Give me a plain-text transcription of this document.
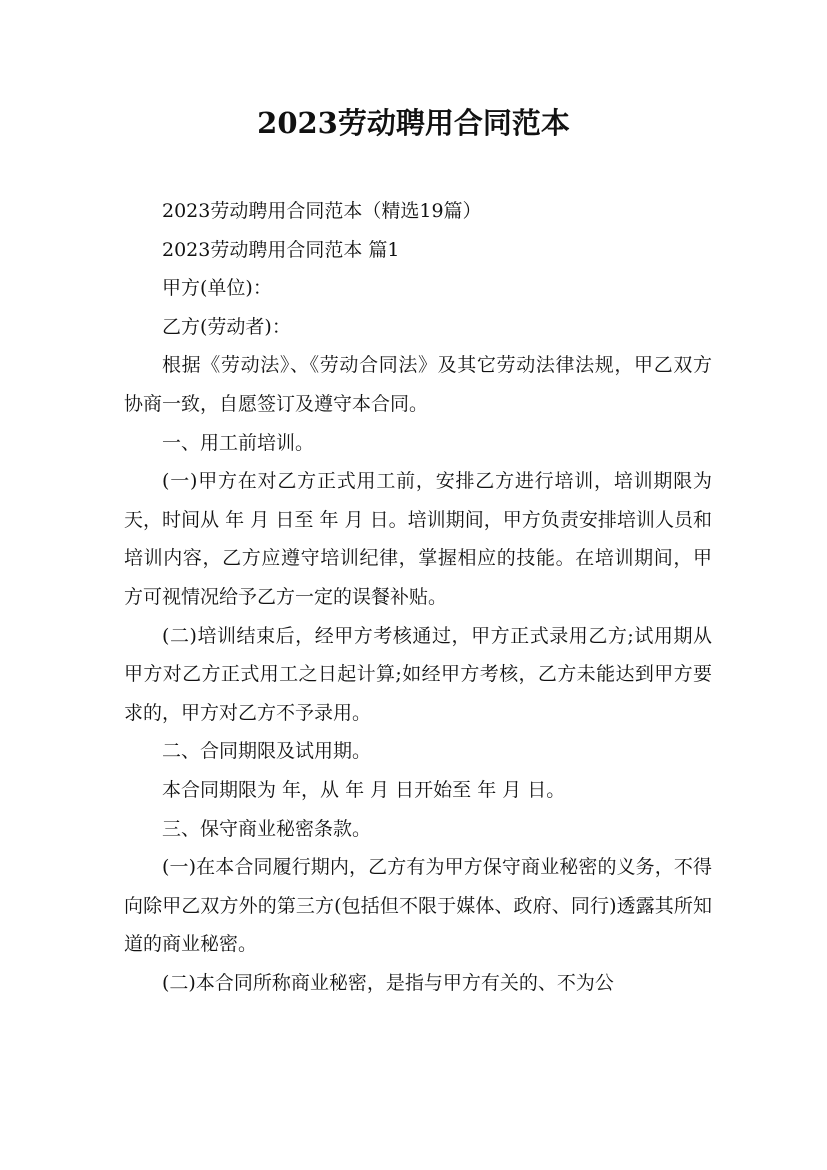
2023劳动聘用合同范本

2023劳动聘用合同范本（精选19篇）

2023劳动聘用合同范本 篇1

甲方(单位)：

乙方(劳动者)：

根据《劳动法》、《劳动合同法》及其它劳动法律法规，甲乙双方协商一致，自愿签订及遵守本合同。

一、用工前培训。

(一)甲方在对乙方正式用工前，安排乙方进行培训，培训期限为 天，时间从 年 月 日至 年 月 日。培训期间，甲方负责安排培训人员和培训内容，乙方应遵守培训纪律，掌握相应的技能。在培训期间，甲方可视情况给予乙方一定的误餐补贴。

(二)培训结束后，经甲方考核通过，甲方正式录用乙方;试用期从甲方对乙方正式用工之日起计算;如经甲方考核，乙方未能达到甲方要求的，甲方对乙方不予录用。

二、合同期限及试用期。

本合同期限为 年，从 年 月 日开始至 年 月 日。

三、保守商业秘密条款。

(一)在本合同履行期内，乙方有为甲方保守商业秘密的义务，不得向除甲乙双方外的第三方(包括但不限于媒体、政府、同行)透露其所知道的商业秘密。

(二)本合同所称商业秘密，是指与甲方有关的、不为公
